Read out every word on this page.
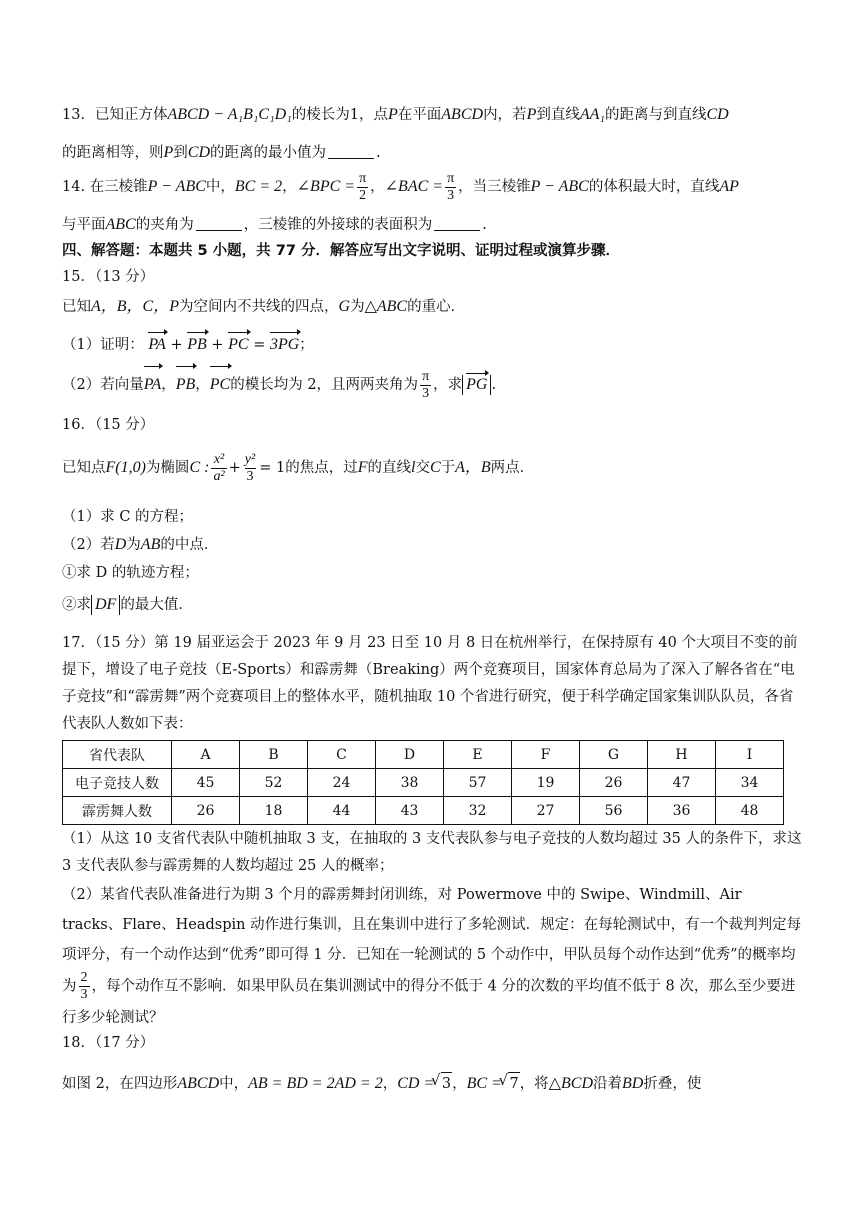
13．已知正方体ABCD − A₁B₁C₁D₁的棱长为1，点P在平面ABCD内，若P到直线AA₁的距离与到直线CD
的距离相等，则P到CD的距离的最小值为	.
14. 在三棱锥P − ABC中，BC = 2，∠BPC = $\frac{\pi}{2}$ ，∠BAC = $\frac{\pi}{3}$ ，当三棱锥P − ABC的体积最大时，直线AP
与平面ABC的夹角为	，三棱锥的外接球的表面积为	.
四、解答题：本题共 5 小题，共 77 分．解答应写出文字说明、证明过程或演算步骤．
15．（13 分）
已知A，B，C，P为空间内不共线的四点，G为△ABC的重心．
（1）证明： PA + PB + PC = 3PG；
（2）若向量PA，PB，PC的模长均为 2，且两两夹角为 $\frac{\pi}{3}$ ，求 PG .
16．（15 分）
已知点F(1,0)为椭圆C : $\frac{\text{x²}}{\text{a²}} + \frac{\text{y²}}{3} = 1$的焦点，过F的直线l交C于A，B两点．
（1）求 C 的方程；
（2）若D为AB的中点．
①求 D 的轨迹方程；
②求 DF 的最大值．
17．（15 分）第 19 届亚运会于 2023 年 9 月 23 日至 10 月 8 日在杭州举行，在保持原有 40 个大项目不变的前提下，增设了电子竞技（E-Sports）和霹雳舞（Breaking）两个竞赛项目，国家体育总局为了深入了解各省在“电子竞技”和“霹雳舞”两个竞赛项目上的整体水平，随机抽取 10 个省进行研究，便于科学确定国家集训队队员，各省代表队人数如下表：
省代表队	A	B	C	D	E	F	G	H	I
电子竞技人数	45	52	24	38	57	19	26	47	34
霹雳舞人数	26	18	44	43	32	27	56	36	48
（1）从这 10 支省代表队中随机抽取 3 支，在抽取的 3 支代表队参与电子竞技的人数均超过 35 人的条件下，求这 3 支代表队参与霹雳舞的人数均超过 25 人的概率；
（2）某省代表队准备进行为期 3 个月的霹雳舞封闭训练，对 Powermove 中的 Swipe、Windmill、Air tracks、Flare、Headspin 动作进行集训，且在集训中进行了多轮测试．规定：在每轮测试中，有一个裁判判定每项评分，有一个动作达到“优秀”即可得 1 分．已知在一轮测试的 5 个动作中，甲队员每个动作达到“优秀”的概率均为 $\frac{2}{3}$ ，每个动作互不影响．如果甲队员在集训测试中的得分不低于 4 分的次数的平均值不低于 8 次，那么至少要进行多少轮测试？
18．（17 分）
如图 2，在四边形ABCD中，AB = BD = 2AD = 2，CD = √ 3，BC = √ 7，将△BCD沿着BD折叠，使
